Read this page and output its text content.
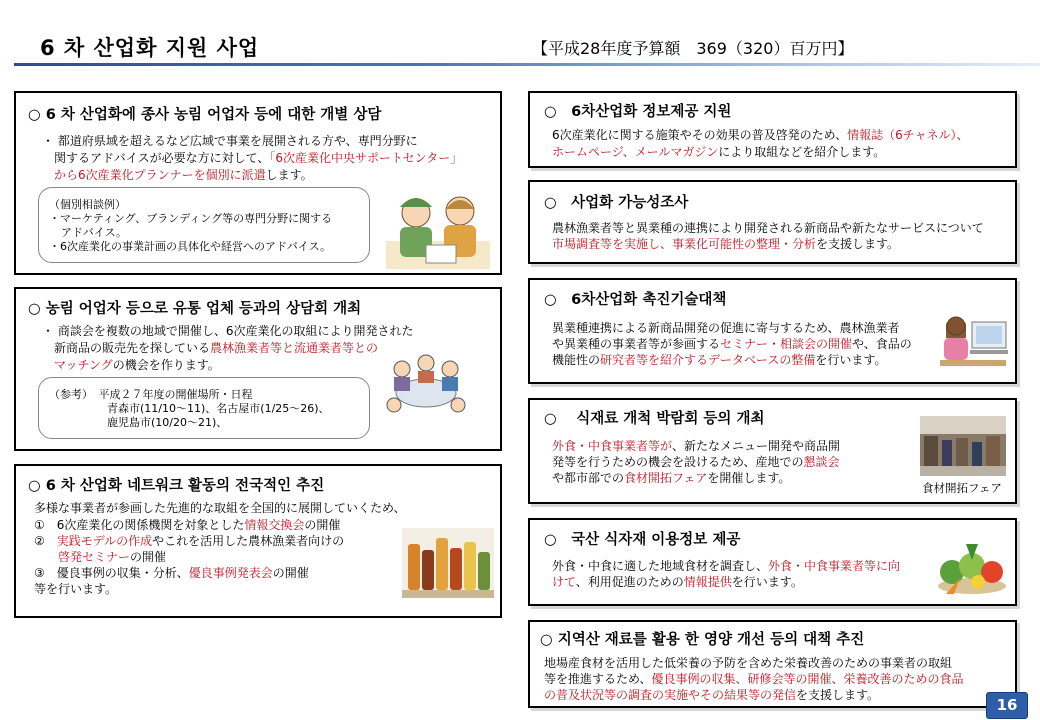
6 차 산업화 지원 사업	【平成28年度予算額　369（320）百万円】
○ 6 차 산업화에 종사 농림 어업자 등에 대한 개별 상담
・ 都道府県域を超えるなど広域で事業を展開される方や、専門分野に
関するアドバイスが必要な方に対して、「6次産業化中央サポートセンター」
から6次産業化プランナーを個別に派遣します。
（個別相談例）
・マーケティング、ブランディング等の専門分野に関する
アドバイス。
・6次産業化の事業計画の具体化や経営へのアドバイス。
○ 농림 어업자 등으로 유통 업체 등과의 상담회 개최
・ 商談会を複数の地域で開催し、6次産業化の取組により開発された
新商品の販売先を探している農林漁業者等と流通業者等との
マッチングの機会を作ります。
（参考）　平成２７年度の開催場所・日程
青森市(11/10～11)、名古屋市(1/25～26)、
鹿児島市(10/20～21)、
○ 6 차 산업화 네트워크 활동의 전국적인 추진
多様な事業者が参画した先進的な取組を全国的に展開していくため、
①　6次産業化の関係機関を対象とした情報交換会の開催
②　実践モデルの作成やこれを活用した農林漁業者向けの
啓発セミナーの開催
③　優良事例の収集・分析、優良事例発表会の開催
等を行います。
○　6차산업화 정보제공 지원
6次産業化に関する施策やその効果の普及啓発のため、情報誌（6チャネル）、
ホームページ、メールマガジンにより取組などを紹介します。
○　사업화 가능성조사
農林漁業者等と異業種の連携により開発される新商品や新たなサービスについて
市場調査等を実施し、事業化可能性の整理・分析を支援します。
○　6차산업화 촉진기술대책
異業種連携による新商品開発の促進に寄与するため、農林漁業者
や異業種の事業者等が参画するセミナー・相談会の開催や、食品の
機能性の研究者等を紹介するデータベースの整備を行います。
○　 식재료 개척 박람회 등의 개최
外食・中食事業者等が、新たなメニュー開発や商品開
発等を行うための機会を設けるため、産地での懇談会
や都市部での食材開拓フェアを開催します。
食材開拓フェア
○　국산 식자재 이용정보 제공
外食・中食に適した地域食材を調査し、外食・中食事業者等に向
けて、利用促進のための情報提供を行います。
○ 지역산 재료를 활용 한 영양 개선 등의 대책 추진
地場産食材を活用した低栄養の予防を含めた栄養改善のための事業者の取組
等を推進するため、優良事例の収集、研修会等の開催、栄養改善のための食品
の普及状況等の調査の実施やその結果等の発信を支援します。
16
